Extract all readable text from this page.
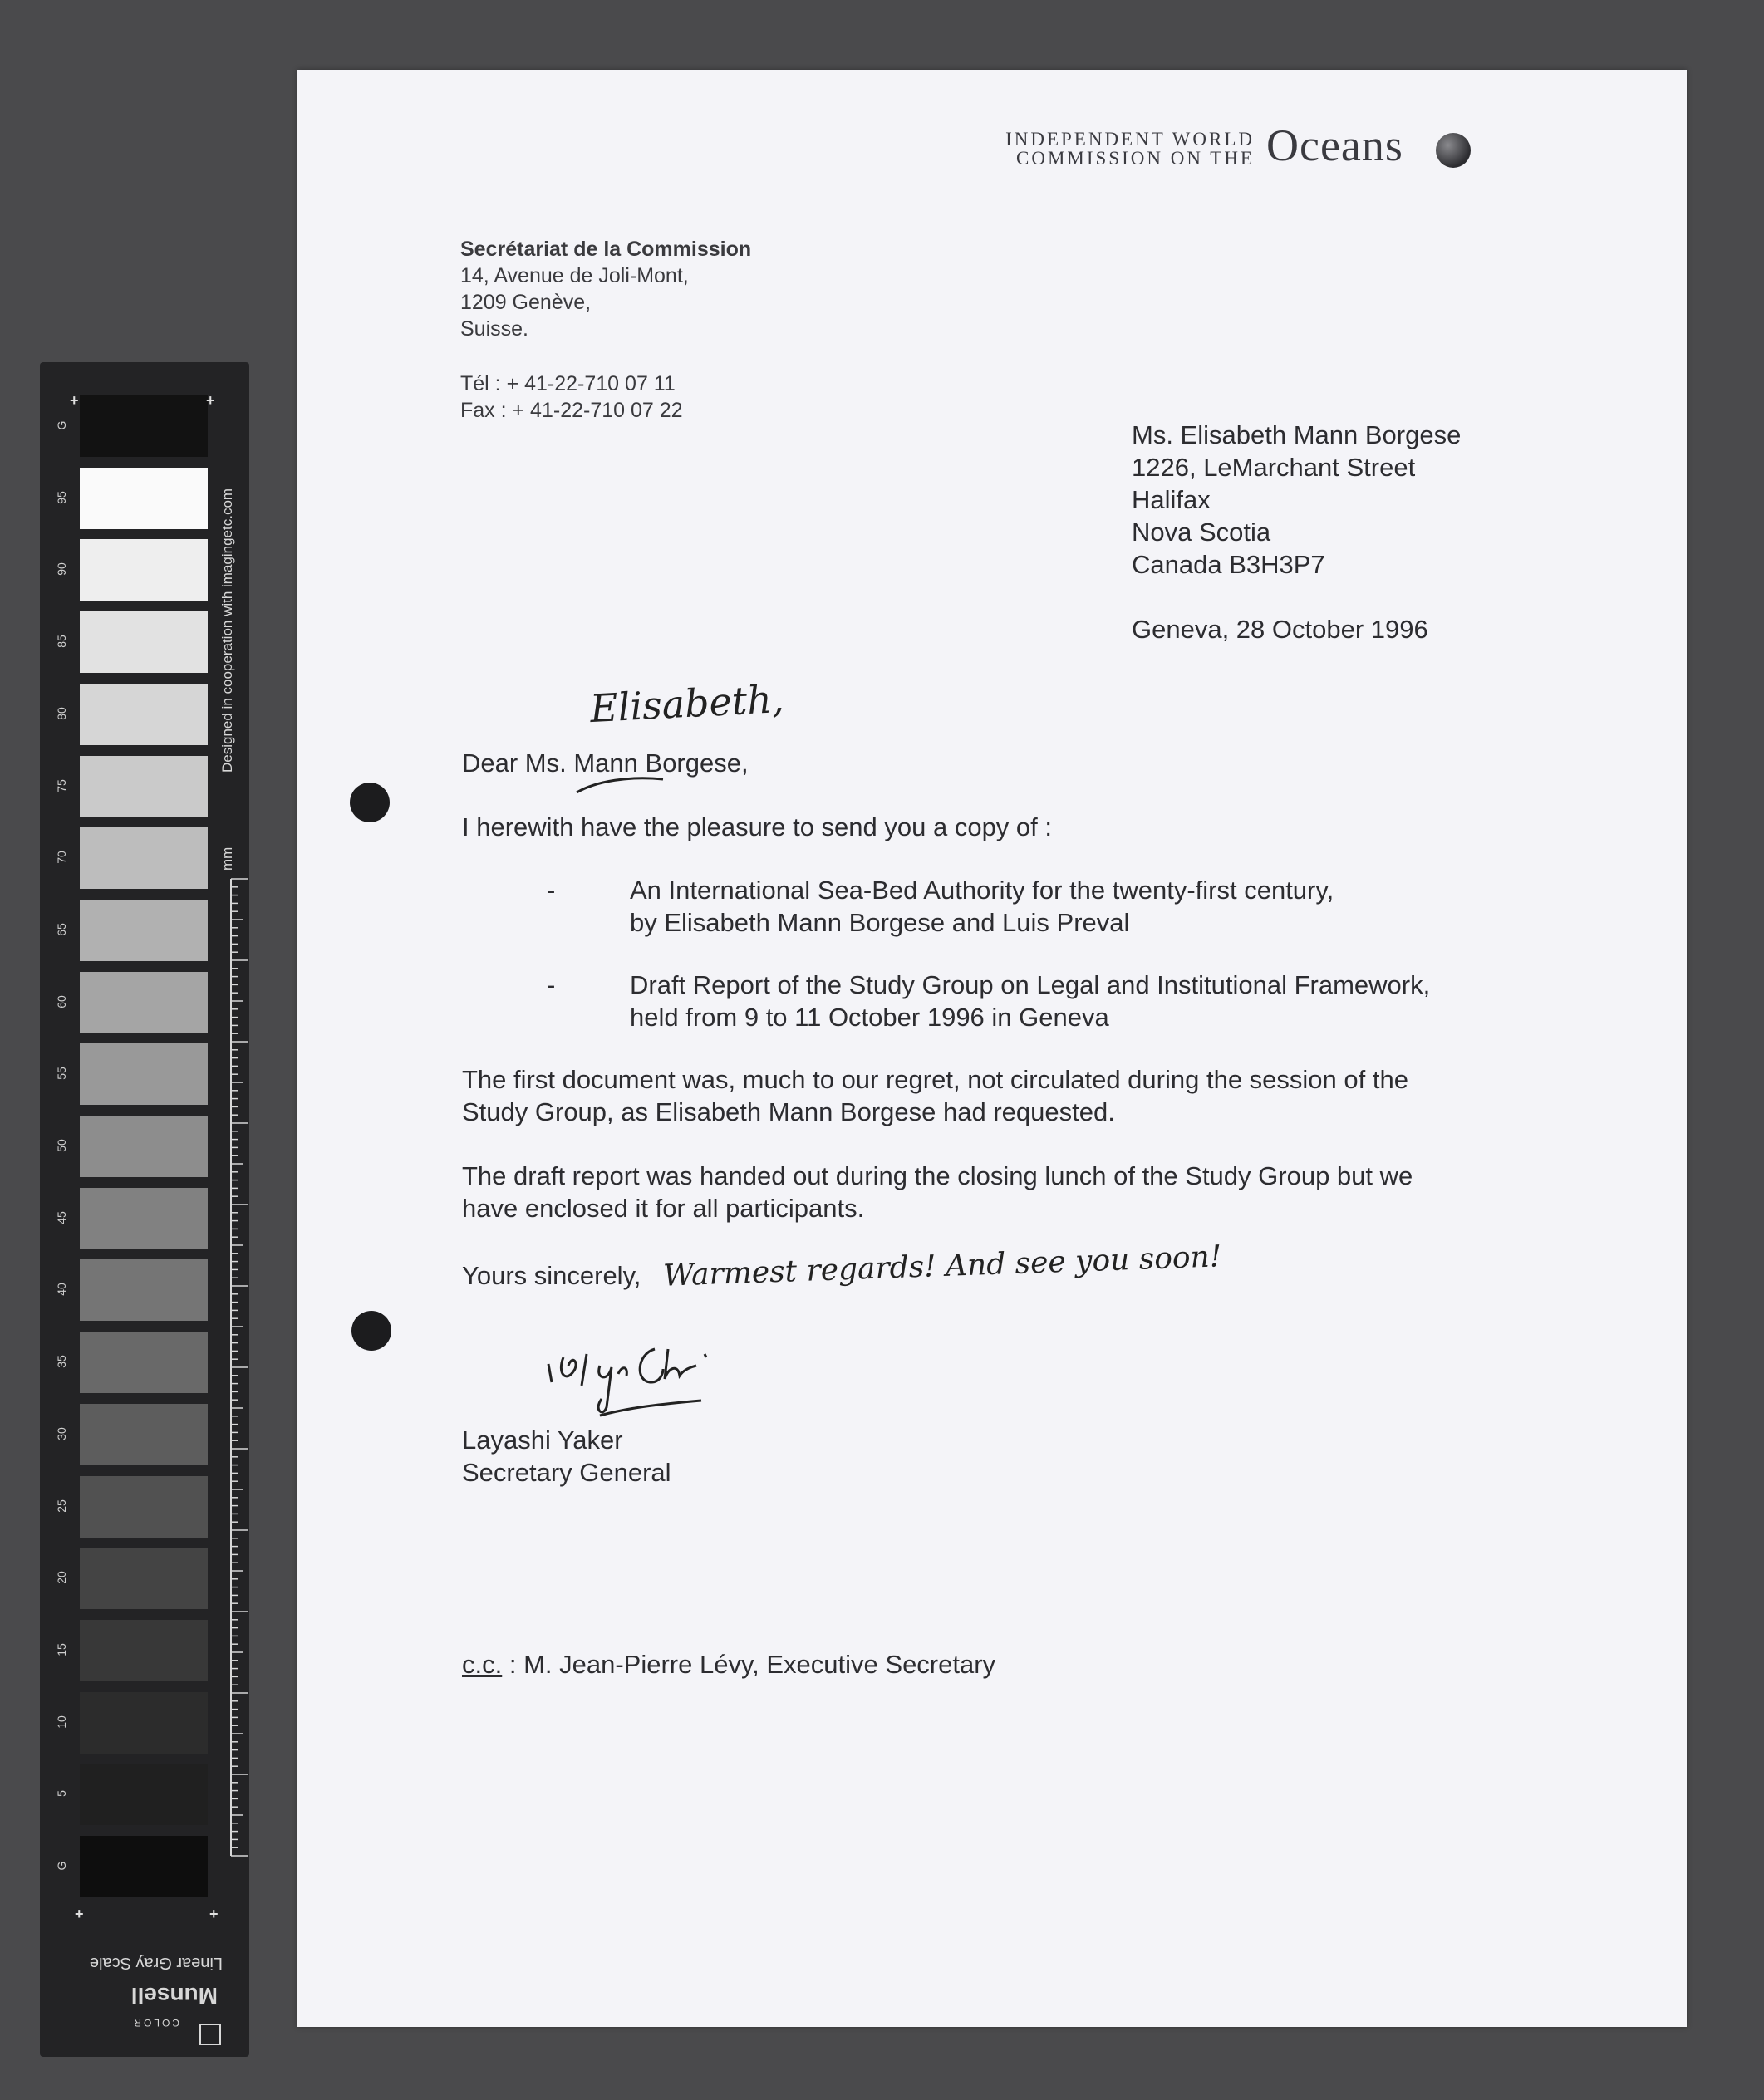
G
95
90
85
80
75
70
65
60
55
50
45
40
35
30
25
20
15
10
5
G
+	+
+	+
Designed in cooperation with imagingetc.com
mm
Linear Gray Scale
Munsell
COLOR
INDEPENDENT WORLD
COMMISSION ON THE Oceans
Secrétariat de la Commission
14, Avenue de Joli-Mont,
1209 Genève,
Suisse.
Tél : + 41-22-710 07 11
Fax : + 41-22-710 07 22
Ms. Elisabeth Mann Borgese
1226, LeMarchant Street
Halifax
Nova Scotia
Canada B3H3P7
Geneva, 28 October 1996
Elisabeth,
Dear Ms. Mann Borgese,
I herewith have the pleasure to send you a copy of :
-	An International Sea-Bed Authority for the twenty-first century,
by Elisabeth Mann Borgese and Luis Preval
-	Draft Report of the Study Group on Legal and Institutional Framework,
held from 9 to 11 October 1996 in Geneva
The first document was, much to our regret, not circulated during the session of the
Study Group, as Elisabeth Mann Borgese had requested.
The draft report was handed out during the closing lunch of the Study Group but we
have enclosed it for all participants.
Yours sincerely, Warmest regards! And see you soon!
Layashi Yaker
Secretary General
c.c. : M. Jean-Pierre Lévy, Executive Secretary
